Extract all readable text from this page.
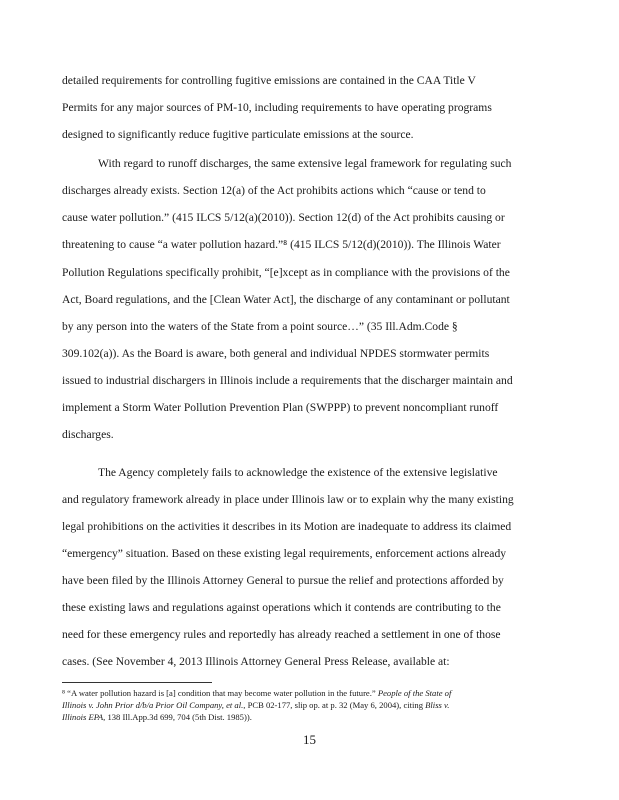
detailed requirements for controlling fugitive emissions are contained in the CAA Title V
Permits for any major sources of PM-10, including requirements to have operating programs
designed to significantly reduce fugitive particulate emissions at the source.
With regard to runoff discharges, the same extensive legal framework for regulating such
discharges already exists. Section 12(a) of the Act prohibits actions which “cause or tend to
cause water pollution.” (415 ILCS 5/12(a)(2010)). Section 12(d) of the Act prohibits causing or
threatening to cause “a water pollution hazard.”⁸ (415 ILCS 5/12(d)(2010)). The Illinois Water
Pollution Regulations specifically prohibit, “[e]xcept as in compliance with the provisions of the
Act, Board regulations, and the [Clean Water Act], the discharge of any contaminant or pollutant
by any person into the waters of the State from a point source…” (35 Ill.Adm.Code §
309.102(a)). As the Board is aware, both general and individual NPDES stormwater permits
issued to industrial dischargers in Illinois include a requirements that the discharger maintain and
implement a Storm Water Pollution Prevention Plan (SWPPP) to prevent noncompliant runoff
discharges.
The Agency completely fails to acknowledge the existence of the extensive legislative
and regulatory framework already in place under Illinois law or to explain why the many existing
legal prohibitions on the activities it describes in its Motion are inadequate to address its claimed
“emergency” situation. Based on these existing legal requirements, enforcement actions already
have been filed by the Illinois Attorney General to pursue the relief and protections afforded by
these existing laws and regulations against operations which it contends are contributing to the
need for these emergency rules and reportedly has already reached a settlement in one of those
cases. (See November 4, 2013 Illinois Attorney General Press Release, available at:
⁸ “A water pollution hazard is [a] condition that may become water pollution in the future.” People of the State of
Illinois v. John Prior d/b/a Prior Oil Company, et al., PCB 02-177, slip op. at p. 32 (May 6, 2004), citing Bliss v.
Illinois EPA, 138 Ill.App.3d 699, 704 (5th Dist. 1985)).
15
